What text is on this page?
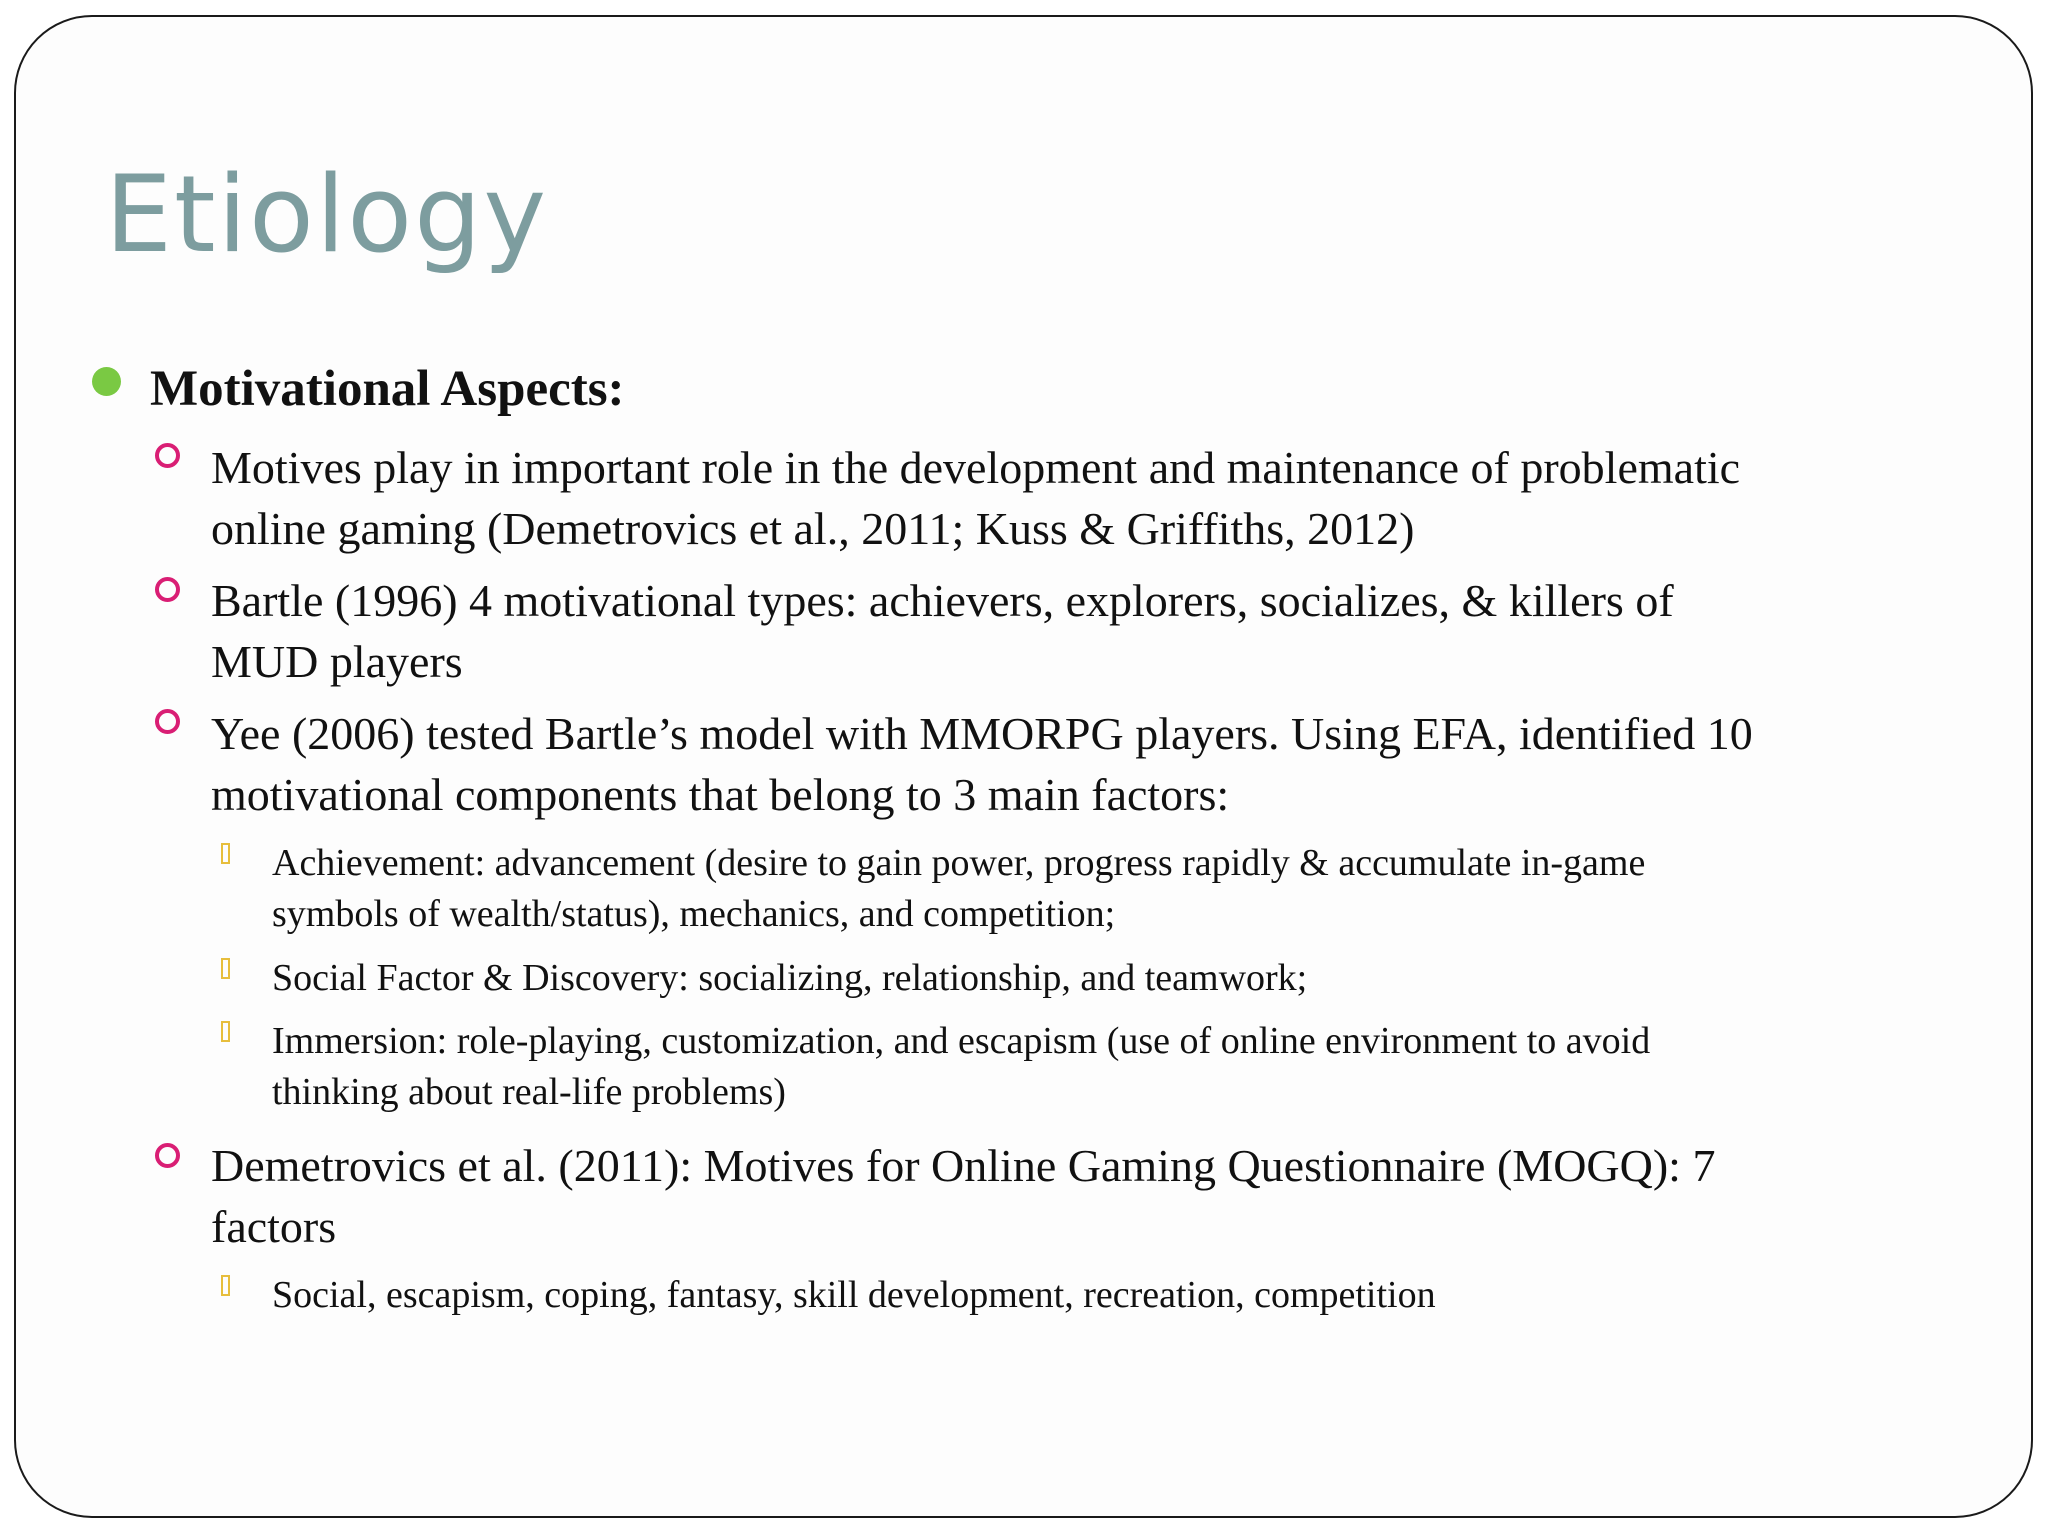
Etiology
Motivational Aspects:
Motives play in important role in the development and maintenance of problematic
online gaming (Demetrovics et al., 2011; Kuss & Griffiths, 2012)
Bartle (1996) 4 motivational types: achievers, explorers, socializes, & killers of
MUD players
Yee (2006) tested Bartle’s model with MMORPG players. Using EFA, identified 10
motivational components that belong to 3 main factors:
Achievement: advancement (desire to gain power, progress rapidly & accumulate in-game
symbols of wealth/status), mechanics, and competition;
Social Factor & Discovery: socializing, relationship, and teamwork;
Immersion: role-playing, customization, and escapism (use of online environment to avoid
thinking about real-life problems)
Demetrovics et al. (2011): Motives for Online Gaming Questionnaire (MOGQ): 7
factors
Social, escapism, coping, fantasy, skill development, recreation, competition
